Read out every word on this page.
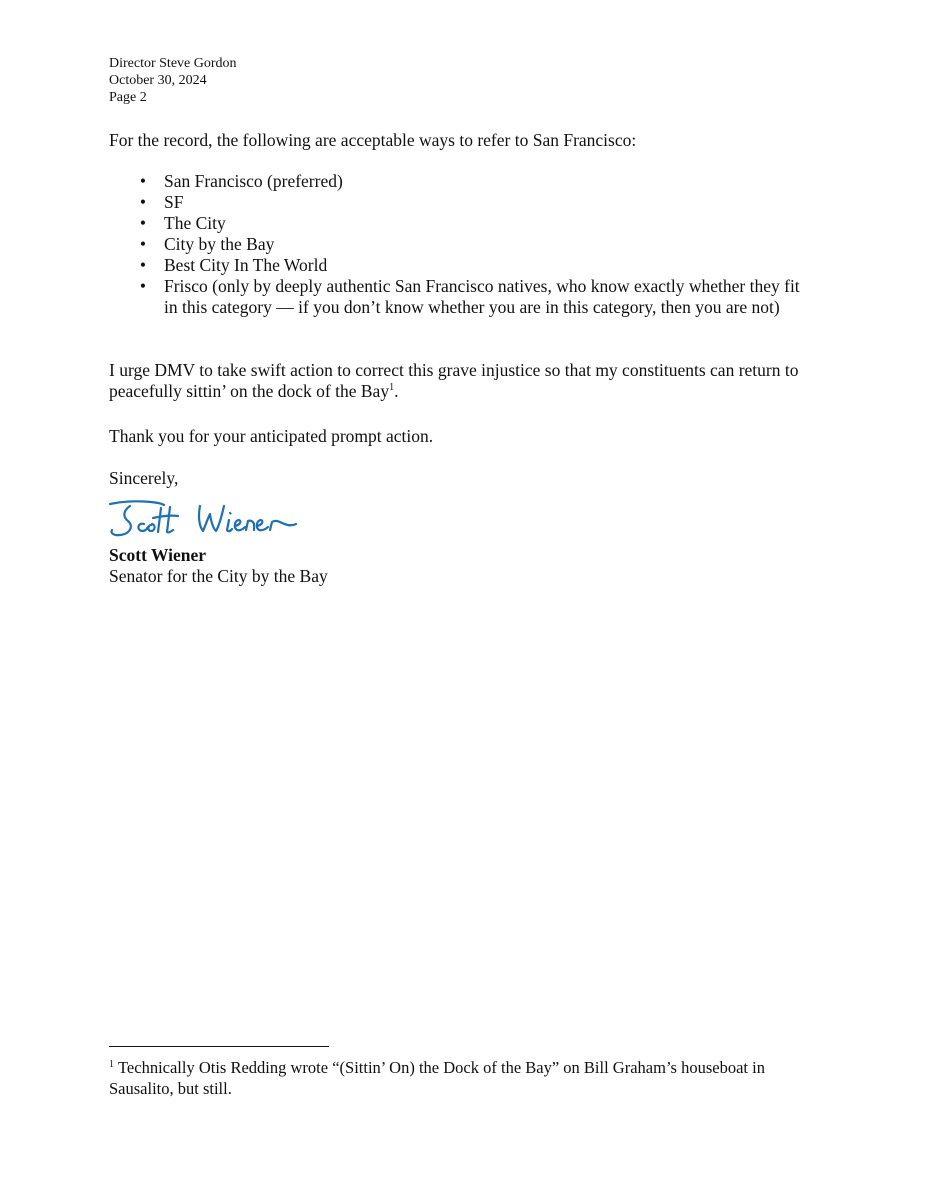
Director Steve Gordon
October 30, 2024
Page 2
For the record, the following are acceptable ways to refer to San Francisco:
• San Francisco (preferred)
• SF
• The City
• City by the Bay
• Best City In The World
• Frisco (only by deeply authentic San Francisco natives, who know exactly whether they fit in this category — if you don’t know whether you are in this category, then you are not)
I urge DMV to take swift action to correct this grave injustice so that my constituents can return to peacefully sittin’ on the dock of the Bay$^1$.
Thank you for your anticipated prompt action.
Sincerely,
Scott Wiener
Senator for the City by the Bay
$^1$ Technically Otis Redding wrote “(Sittin’ On) the Dock of the Bay” on Bill Graham’s houseboat in Sausalito, but still.
